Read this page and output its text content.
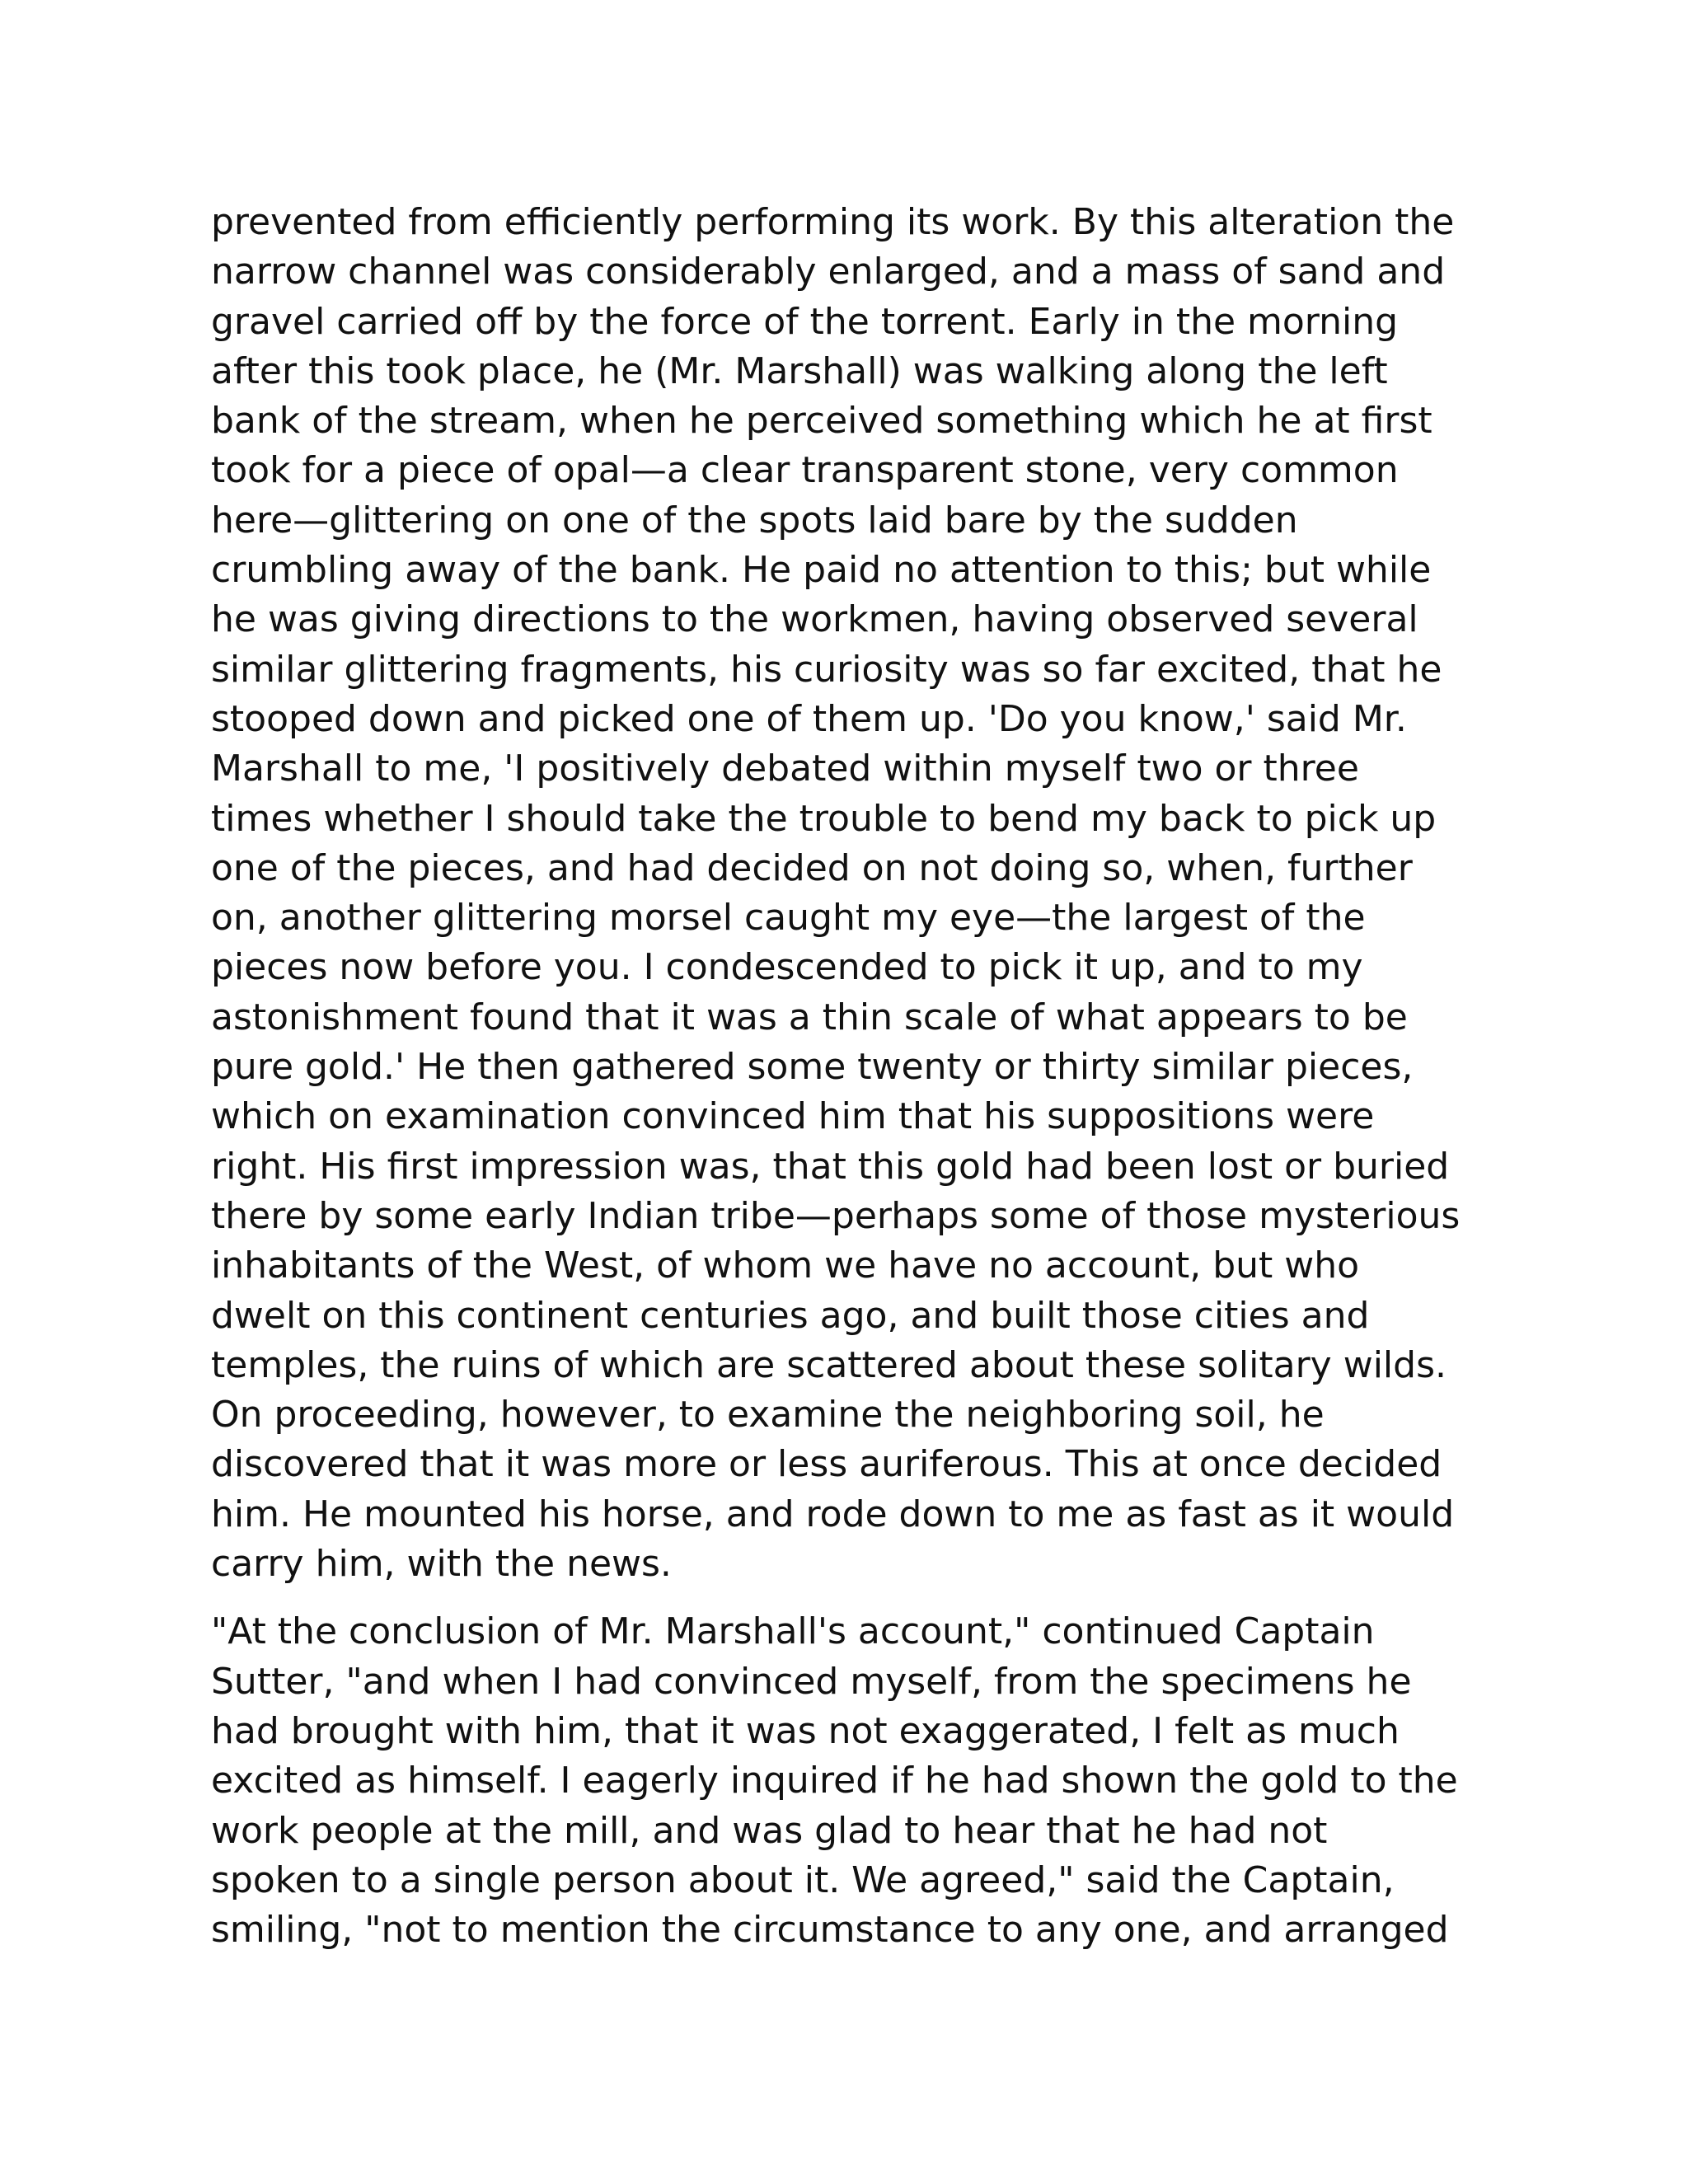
prevented from efficiently performing its work. By this alteration the
narrow channel was considerably enlarged, and a mass of sand and
gravel carried off by the force of the torrent. Early in the morning
after this took place, he (Mr. Marshall) was walking along the left
bank of the stream, when he perceived something which he at first
took for a piece of opal—a clear transparent stone, very common
here—glittering on one of the spots laid bare by the sudden
crumbling away of the bank. He paid no attention to this; but while
he was giving directions to the workmen, having observed several
similar glittering fragments, his curiosity was so far excited, that he
stooped down and picked one of them up. 'Do you know,' said Mr.
Marshall to me, 'I positively debated within myself two or three
times whether I should take the trouble to bend my back to pick up
one of the pieces, and had decided on not doing so, when, further
on, another glittering morsel caught my eye—the largest of the
pieces now before you. I condescended to pick it up, and to my
astonishment found that it was a thin scale of what appears to be
pure gold.' He then gathered some twenty or thirty similar pieces,
which on examination convinced him that his suppositions were
right. His first impression was, that this gold had been lost or buried
there by some early Indian tribe—perhaps some of those mysterious
inhabitants of the West, of whom we have no account, but who
dwelt on this continent centuries ago, and built those cities and
temples, the ruins of which are scattered about these solitary wilds.
On proceeding, however, to examine the neighboring soil, he
discovered that it was more or less auriferous. This at once decided
him. He mounted his horse, and rode down to me as fast as it would
carry him, with the news.

"At the conclusion of Mr. Marshall's account," continued Captain
Sutter, "and when I had convinced myself, from the specimens he
had brought with him, that it was not exaggerated, I felt as much
excited as himself. I eagerly inquired if he had shown the gold to the
work people at the mill, and was glad to hear that he had not
spoken to a single person about it. We agreed," said the Captain,
smiling, "not to mention the circumstance to any one, and arranged
